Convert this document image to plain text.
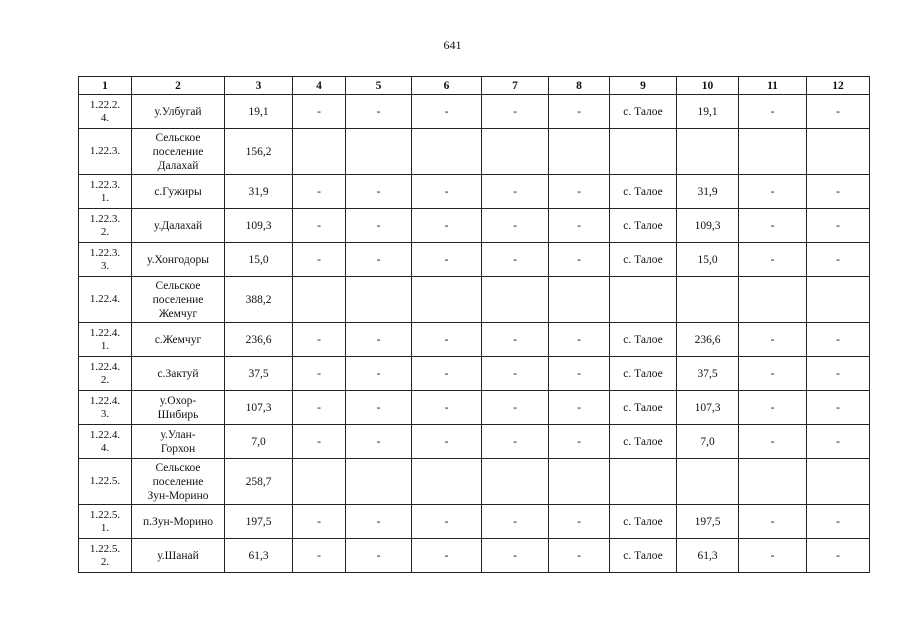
641
1	2	3	4	5	6	7	8	9	10	11	12
1.22.2.
4.	у.Улбугай	19,1	-	-	-	-	-	с. Талое	19,1	-	-
1.22.3.	Сельское
поселение
Далахай	156,2									
1.22.3.
1.	с.Гужиры	31,9	-	-	-	-	-	с. Талое	31,9	-	-
1.22.3.
2.	у.Далахай	109,3	-	-	-	-	-	с. Талое	109,3	-	-
1.22.3.
3.	у.Хонгодоры	15,0	-	-	-	-	-	с. Талое	15,0	-	-
1.22.4.	Сельское
поселение
Жемчуг	388,2									
1.22.4.
1.	с.Жемчуг	236,6	-	-	-	-	-	с. Талое	236,6	-	-
1.22.4.
2.	с.Зактуй	37,5	-	-	-	-	-	с. Талое	37,5	-	-
1.22.4.
3.	у.Охор-
Шибирь	107,3	-	-	-	-	-	с. Талое	107,3	-	-
1.22.4.
4.	у.Улан-
Горхон	7,0	-	-	-	-	-	с. Талое	7,0	-	-
1.22.5.	Сельское
поселение
Зун-Морино	258,7									
1.22.5.
1.	п.Зун-Морино	197,5	-	-	-	-	-	с. Талое	197,5	-	-
1.22.5.
2.	у.Шанай	61,3	-	-	-	-	-	с. Талое	61,3	-	-
